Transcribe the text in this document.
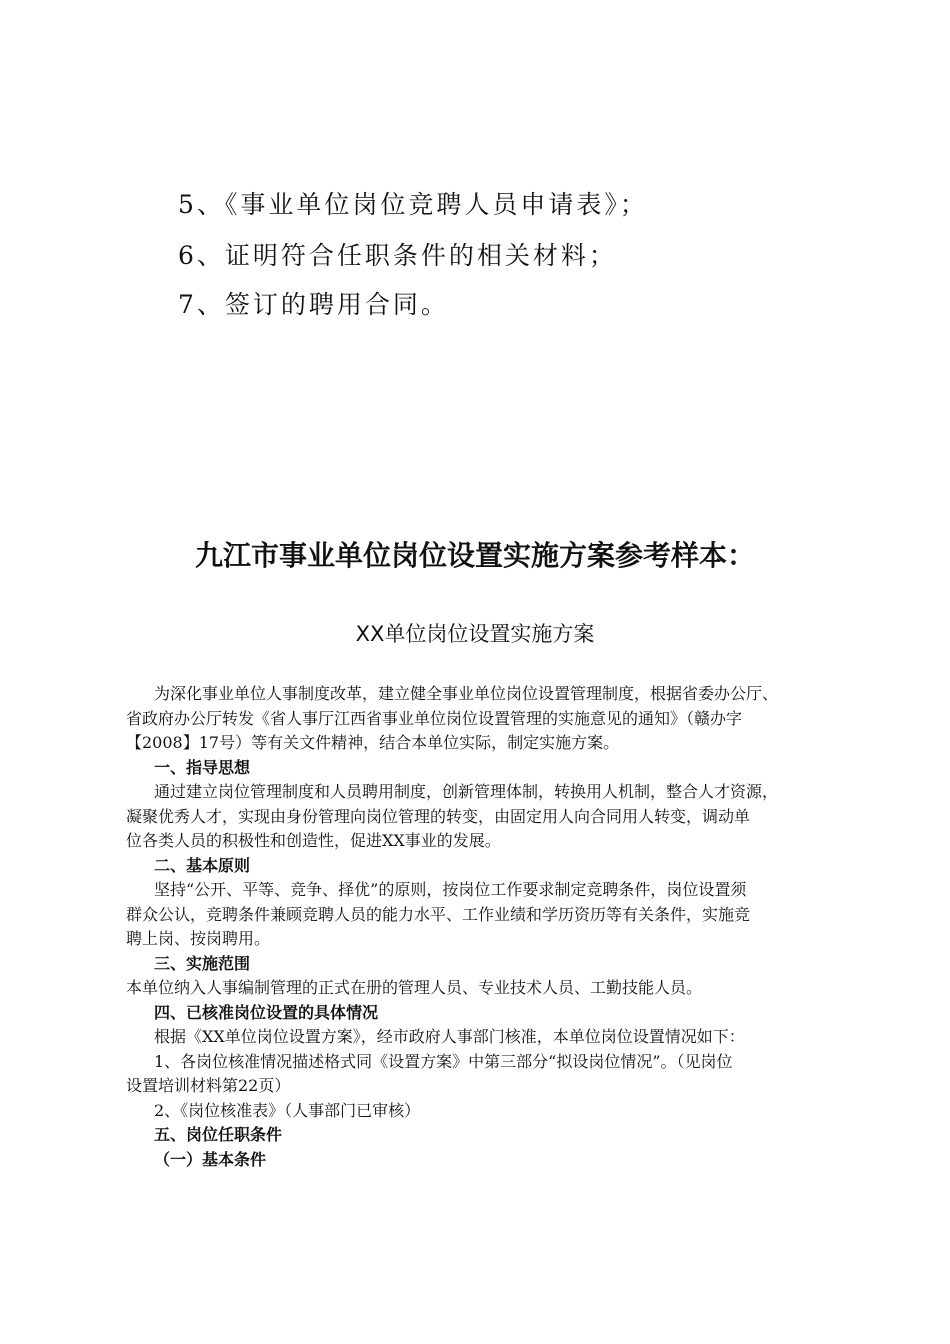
5、《事业单位岗位竞聘人员申请表》；
6、证明符合任职条件的相关材料；
7、签订的聘用合同。
九江市事业单位岗位设置实施方案参考样本：
XX单位岗位设置实施方案

为深化事业单位人事制度改革，建立健全事业单位岗位设置管理制度，根据省委办公厅、

省政府办公厅转发《省人事厅江西省事业单位岗位设置管理的实施意见的通知》（赣办字

【2008】17号）等有关文件精神，结合本单位实际，制定实施方案。

一、指导思想

通过建立岗位管理制度和人员聘用制度，创新管理体制，转换用人机制，整合人才资源，

凝聚优秀人才，实现由身份管理向岗位管理的转变，由固定用人向合同用人转变，调动单

位各类人员的积极性和创造性，促进XX事业的发展。

二、基本原则

坚持“公开、平等、竞争、择优”的原则，按岗位工作要求制定竞聘条件，岗位设置须

群众公认，竞聘条件兼顾竞聘人员的能力水平、工作业绩和学历资历等有关条件，实施竞

聘上岗、按岗聘用。

三、实施范围

本单位纳入人事编制管理的正式在册的管理人员、专业技术人员、工勤技能人员。

四、已核准岗位设置的具体情况

根据《XX单位岗位设置方案》，经市政府人事部门核准，本单位岗位设置情况如下：

1、各岗位核准情况描述格式同《设置方案》中第三部分“拟设岗位情况”。（见岗位

设置培训材料第22页）

2、《岗位核准表》（人事部门已审核）

五、岗位任职条件

（一）基本条件
